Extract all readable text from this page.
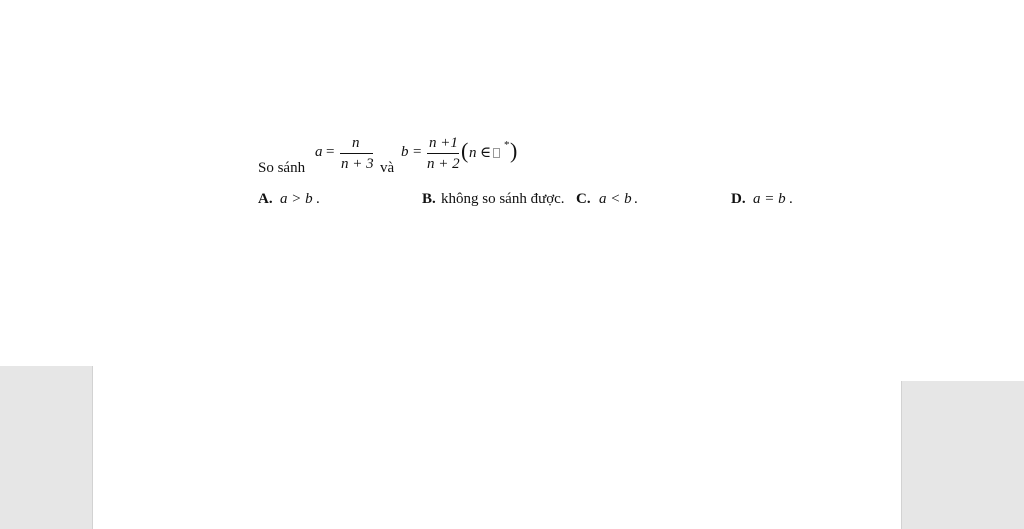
So sánh
a =
n
n + 3 và
b =
n +1
n + 2
( n ∈ * )
A. a > b .	B. không so sánh được. C. a < b .	D. a = b .
